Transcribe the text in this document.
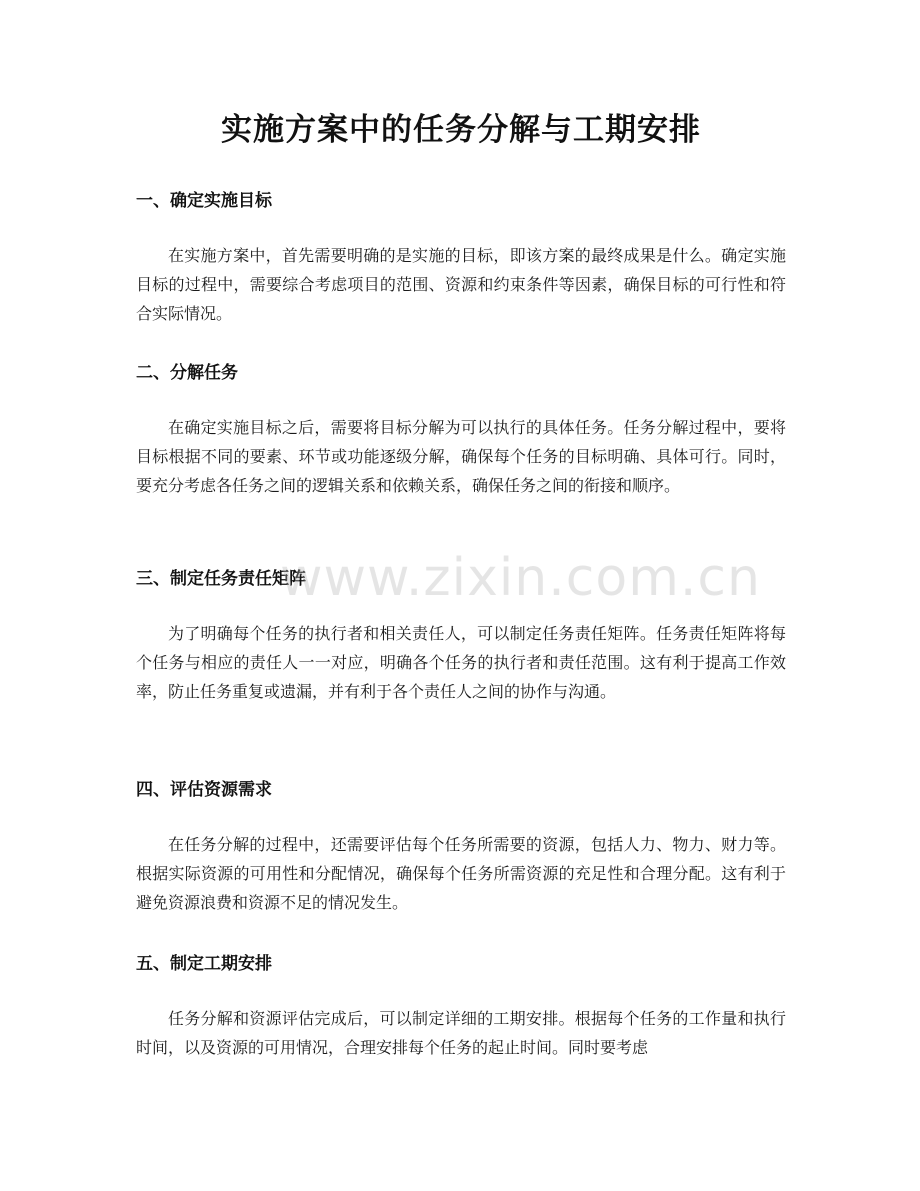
实施方案中的任务分解与工期安排
一、确定实施目标

在实施方案中，首先需要明确的是实施的目标，即该方案的最终成果是什么。确定实施目标的过程中，需要综合考虑项目的范围、资源和约束条件等因素，确保目标的可行性和符合实际情况。

二、分解任务

在确定实施目标之后，需要将目标分解为可以执行的具体任务。任务分解过程中，要将目标根据不同的要素、环节或功能逐级分解，确保每个任务的目标明确、具体可行。同时，要充分考虑各任务之间的逻辑关系和依赖关系，确保任务之间的衔接和顺序。

三、制定任务责任矩阵

为了明确每个任务的执行者和相关责任人，可以制定任务责任矩阵。任务责任矩阵将每个任务与相应的责任人一一对应，明确各个任务的执行者和责任范围。这有利于提高工作效率，防止任务重复或遗漏，并有利于各个责任人之间的协作与沟通。

四、评估资源需求

在任务分解的过程中，还需要评估每个任务所需要的资源，包括人力、物力、财力等。根据实际资源的可用性和分配情况，确保每个任务所需资源的充足性和合理分配。这有利于避免资源浪费和资源不足的情况发生。

五、制定工期安排

任务分解和资源评估完成后，可以制定详细的工期安排。根据每个任务的工作量和执行时间，以及资源的可用情况，合理安排每个任务的起止时间。同时要考虑

www.zixin.com.cn
